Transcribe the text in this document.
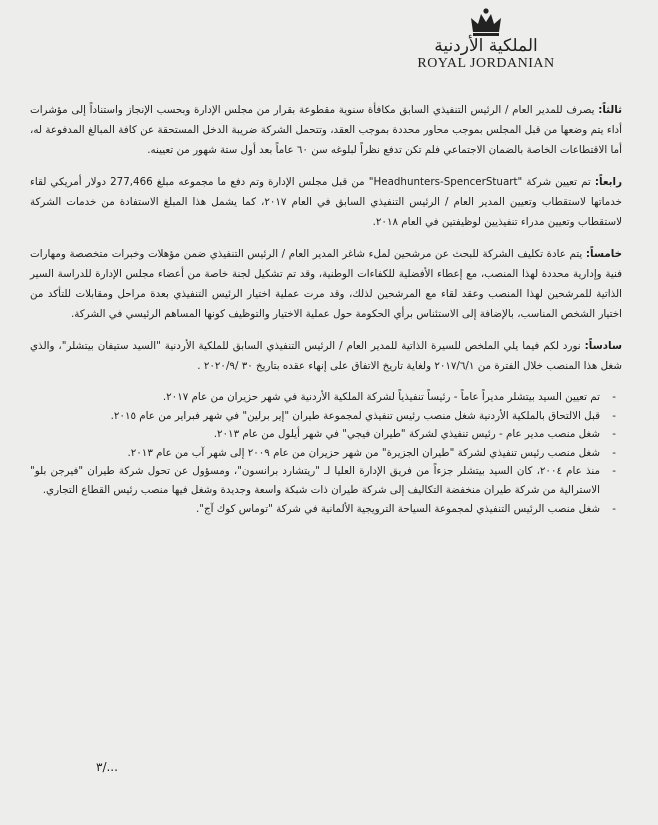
الملكية الأردنية
ROYAL JORDANIAN

ثالثاً: يصرف للمدير العام / الرئيس التنفيذي السابق مكافأة سنوية مقطوعة بقرار من مجلس الإدارة وبحسب الإنجاز واستناداً إلى مؤشرات أداء يتم وضعها من قبل المجلس بموجب محاور محددة بموجب العقد، وتتحمل الشركة ضريبة الدخل المستحقة عن كافة المبالغ المدفوعة له، أما الاقتطاعات الخاصة بالضمان الاجتماعي فلم تكن تدفع نظراً لبلوغه سن ٦٠ عاماً بعد أول ستة شهور من تعيينه.

رابعاً: تم تعيين شركة "Headhunters-SpencerStuart" من قبل مجلس الإدارة وتم دفع ما مجموعه مبلغ 277,466 دولار أمريكي لقاء خدماتها لاستقطاب وتعيين المدير العام / الرئيس التنفيذي السابق في العام ٢٠١٧، كما يشمل هذا المبلغ الاستفادة من خدمات الشركة لاستقطاب وتعيين مدراء تنفيذيين لوظيفتين في العام ٢٠١٨.

خامساً: يتم عادة تكليف الشركة للبحث عن مرشحين لملء شاغر المدير العام / الرئيس التنفيذي ضمن مؤهلات وخبرات متخصصة ومهارات فنية وإدارية محددة لهذا المنصب، مع إعطاء الأفضلية للكفاءات الوطنية، وقد تم تشكيل لجنة خاصة من أعضاء مجلس الإدارة للدراسة السير الذاتية للمرشحين لهذا المنصب وعقد لقاء مع المرشحين لذلك، وقد مرت عملية اختيار الرئيس التنفيذي بعدة مراحل ومقابلات للتأكد من اختيار الشخص المناسب، بالإضافة إلى الاستئناس برأي الحكومة حول عملية الاختيار والتوظيف كونها المساهم الرئيسي في الشركة.

سادساً: نورد لكم فيما يلي الملخص للسيرة الذاتية للمدير العام / الرئيس التنفيذي السابق للملكية الأردنية "السيد ستيفان بيتشلر"، والذي شغل هذا المنصب خلال الفترة من ٢٠١٧/٦/١ ولغاية تاريخ الاتفاق على إنهاء عقده بتاريخ ٣٠ /٢٠٢٠/٩ .

- تم تعيين السيد بيتشلر مديراً عاماً - رئيساً تنفيذياً لشركة الملكية الأردنية في شهر حزيران من عام ٢٠١٧.
- قبل الالتحاق بالملكية الأردنية شغل منصب رئيس تنفيذي لمجموعة طيران "إير برلين" في شهر فبراير من عام ٢٠١٥.
- شغل منصب مدير عام - رئيس تنفيذي لشركة "طيران فيجي" في شهر أيلول من عام ٢٠١٣.
- شغل منصب رئيس تنفيذي لشركة "طيران الجزيرة" من شهر حزيران من عام ٢٠٠٩ إلى شهر آب من عام ٢٠١٣.
- منذ عام ٢٠٠٤، كان السيد بيتشلر جزءاً من فريق الإدارة العليا لـ "ريتشارد برانسون"، ومسؤول عن تحول شركة طيران "فيرجن بلو" الاسترالية من شركة طيران منخفضة التكاليف إلى شركة طيران ذات شبكة واسعة وجديدة وشغل فيها منصب رئيس القطاع التجاري.
- شغل منصب الرئيس التنفيذي لمجموعة السياحة الترويجية الألمانية في شركة "توماس كوك آج".
٣/...
